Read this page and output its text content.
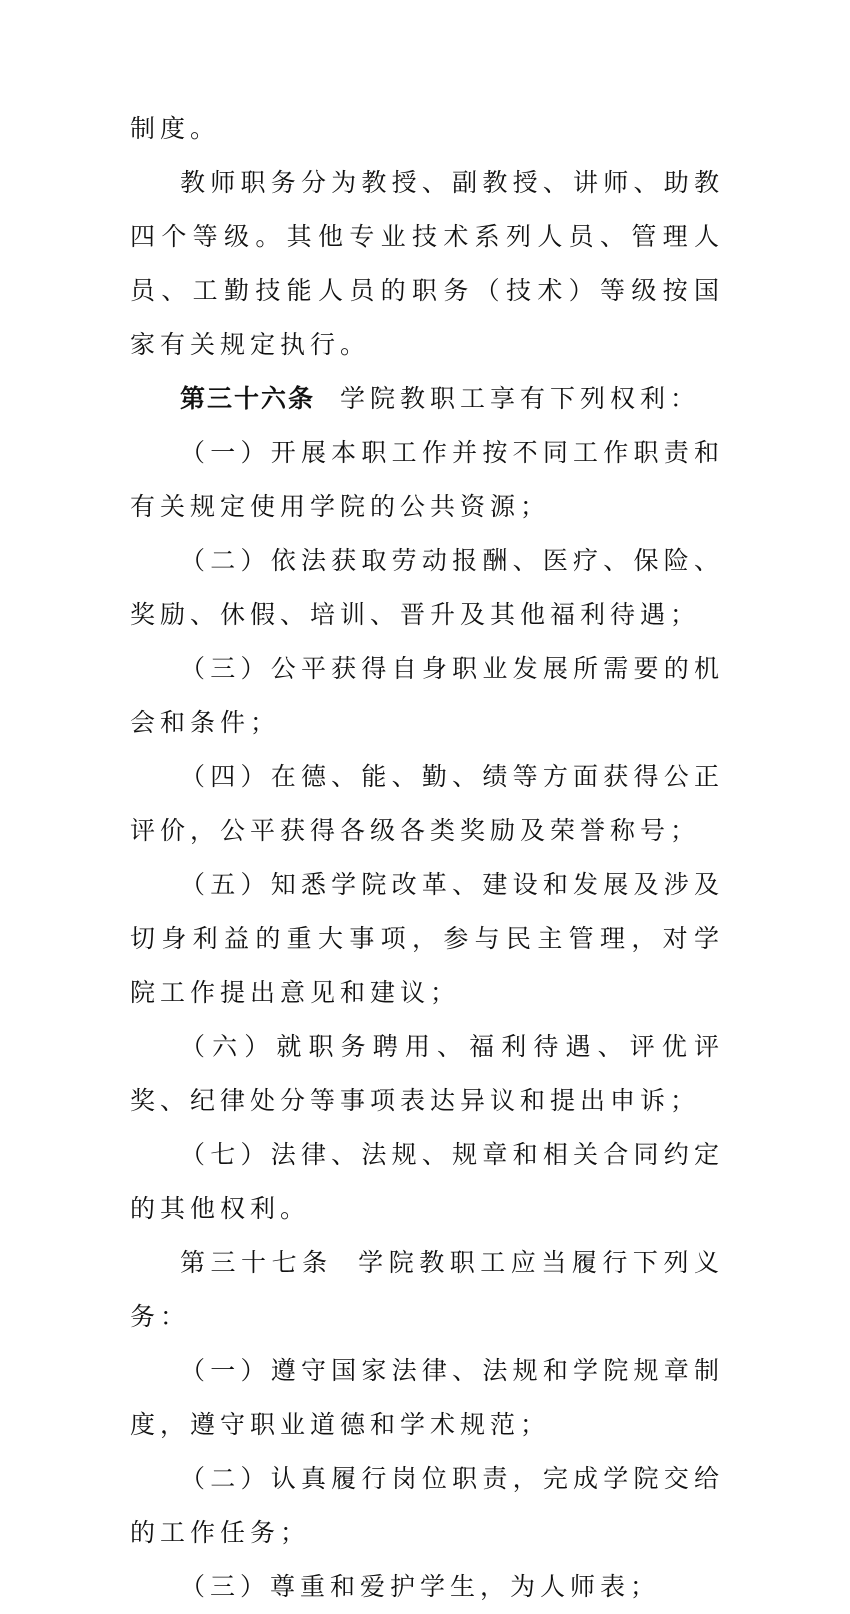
制度。

教师职务分为教授、副教授、讲师、助教四个等级。其他专业技术系列人员、管理人员、工勤技能人员的职务（技术）等级按国家有关规定执行。

第三十六条 学院教职工享有下列权利：

（一）开展本职工作并按不同工作职责和有关规定使用学院的公共资源；

（二）依法获取劳动报酬、医疗、保险、奖励、休假、培训、晋升及其他福利待遇；

（三）公平获得自身职业发展所需要的机会和条件；

（四）在德、能、勤、绩等方面获得公正评价，公平获得各级各类奖励及荣誉称号；

（五）知悉学院改革、建设和发展及涉及切身利益的重大事项，参与民主管理，对学院工作提出意见和建议；

（六）就职务聘用、福利待遇、评优评奖、纪律处分等事项表达异议和提出申诉；

（七）法律、法规、规章和相关合同约定的其他权利。

第三十七条 学院教职工应当履行下列义务：

（一）遵守国家法律、法规和学院规章制度，遵守职业道德和学术规范；

（二）认真履行岗位职责，完成学院交给的工作任务；

（三）尊重和爱护学生，为人师表；
